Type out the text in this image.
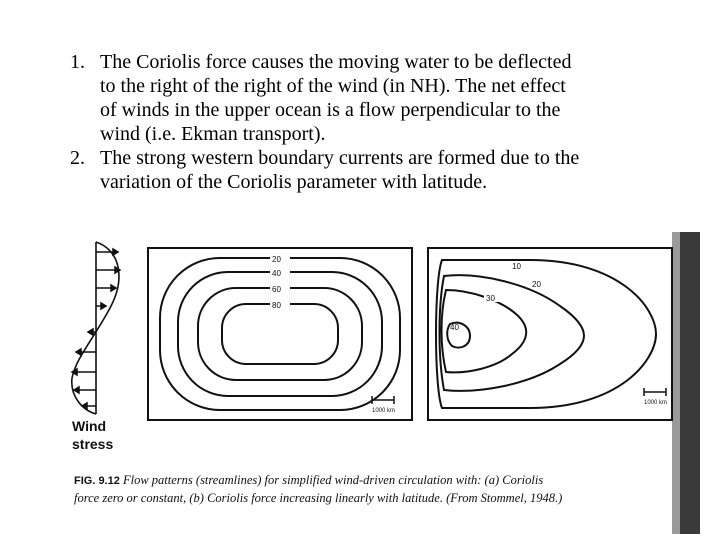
1. The Coriolis force causes the moving water to be deflected
to the right of the right of the wind (in NH). The net effect
of winds in the upper ocean is a flow perpendicular to the
wind (i.e. Ekman transport).
2. The strong western boundary currents are formed due to the
variation of the Coriolis parameter with latitude.
20
40
60
80
1000 km
10
20
30
40
1000 km
Wind
stress
FIG. 9.12 Flow patterns (streamlines) for simplified wind-driven circulation with: (a) Coriolis
force zero or constant, (b) Coriolis force increasing linearly with latitude. (From Stommel, 1948.)
